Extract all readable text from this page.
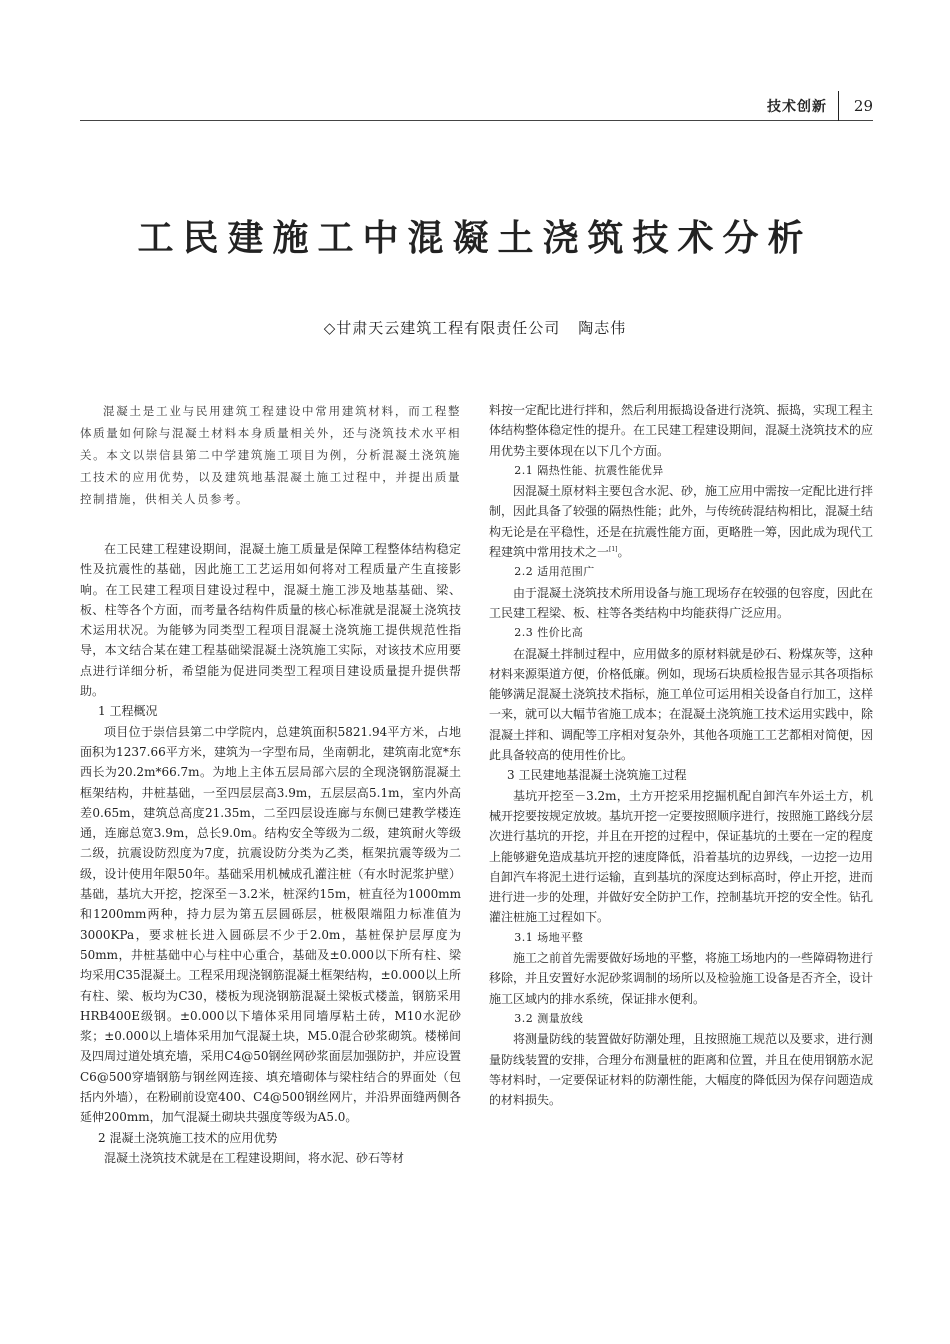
技术创新 29
工民建施工中混凝土浇筑技术分析
◇甘肃天云建筑工程有限责任公司 陶志伟

混凝土是工业与民用建筑工程建设中常用建筑材料，而工程整体质量如何除与混凝土材料本身质量相关外，还与浇筑技术水平相关。本文以崇信县第二中学建筑施工项目为例，分析混凝土浇筑施工技术的应用优势，以及建筑地基混凝土施工过程中，并提出质量控制措施，供相关人员参考。

在工民建工程建设期间，混凝土施工质量是保障工程整体结构稳定性及抗震性的基础，因此施工工艺运用如何将对工程质量产生直接影响。在工民建工程项目建设过程中，混凝土施工涉及地基基础、梁、板、柱等各个方面，而考量各结构件质量的核心标准就是混凝土浇筑技术运用状况。为能够为同类型工程项目混凝土浇筑施工提供规范性指导，本文结合某在建工程基础梁混凝土浇筑施工实际，对该技术应用要点进行详细分析，希望能为促进同类型工程项目建设质量提升提供帮助。

1 工程概况

项目位于崇信县第二中学院内，总建筑面积5821.94平方米，占地面积为1237.66平方米，建筑为一字型布局，坐南朝北，建筑南北宽*东西长为20.2m*66.7m。为地上主体五层局部六层的全现浇钢筋混凝土框架结构，井桩基础，一至四层层高3.9m，五层层高5.1m，室内外高差0.65m，建筑总高度21.35m，二至四层设连廊与东侧已建教学楼连通，连廊总宽3.9m，总长9.0m。结构安全等级为二级，建筑耐火等级二级，抗震设防烈度为7度，抗震设防分类为乙类，框架抗震等级为二级，设计使用年限50年。基础采用机械成孔灌注桩（有水时泥浆护壁）基础，基坑大开挖，挖深至－3.2米，桩深约15m，桩直径为1000mm和1200mm两种，持力层为第五层圆砾层，桩极限端阻力标准值为3000KPa，要求桩长进入圆砾层不少于2.0m，基桩保护层厚度为50mm，井桩基础中心与柱中心重合，基础及±0.000以下所有柱、梁均采用C35混凝土。工程采用现浇钢筋混凝土框架结构，±0.000以上所有柱、梁、板均为C30，楼板为现浇钢筋混凝土梁板式楼盖，钢筋采用HRB400E级钢。±0.000以下墙体采用同墙厚粘土砖，M10水泥砂浆；±0.000以上墙体采用加气混凝土块，M5.0混合砂浆砌筑。楼梯间及四周过道处填充墙，采用C4@50钢丝网砂浆面层加强防护，并应设置C6@500穿墙钢筋与钢丝网连接、填充墙砌体与梁柱结合的界面处（包括内外墙），在粉刷前设宽400、C4@500钢丝网片，并沿界面缝两侧各延伸200mm，加气混凝土砌块共强度等级为A5.0。

2 混凝土浇筑施工技术的应用优势

混凝土浇筑技术就是在工程建设期间，将水泥、砂石等材

料按一定配比进行拌和，然后利用振捣设备进行浇筑、振捣，实现工程主体结构整体稳定性的提升。在工民建工程建设期间，混凝土浇筑技术的应用优势主要体现在以下几个方面。

2.1 隔热性能、抗震性能优异

因混凝土原材料主要包含水泥、砂，施工应用中需按一定配比进行拌制，因此具备了较强的隔热性能；此外，与传统砖混结构相比，混凝土结构无论是在平稳性，还是在抗震性能方面，更略胜一筹，因此成为现代工程建筑中常用技术之一[1]。

2.2 适用范围广

由于混凝土浇筑技术所用设备与施工现场存在较强的包容度，因此在工民建工程梁、板、柱等各类结构中均能获得广泛应用。

2.3 性价比高

在混凝土拌制过程中，应用做多的原材料就是砂石、粉煤灰等，这种材料来源渠道方便，价格低廉。例如，现场石块质检报告显示其各项指标能够满足混凝土浇筑技术指标，施工单位可运用相关设备自行加工，这样一来，就可以大幅节省施工成本；在混凝土浇筑施工技术运用实践中，除混凝土拌和、调配等工序相对复杂外，其他各项施工工艺都相对简便，因此具备较高的使用性价比。

3 工民建地基混凝土浇筑施工过程

基坑开挖至－3.2m，土方开挖采用挖掘机配自卸汽车外运土方，机械开挖要按规定放坡。基坑开挖一定要按照顺序进行，按照施工路线分层次进行基坑的开挖，并且在开挖的过程中，保证基坑的土要在一定的程度上能够避免造成基坑开挖的速度降低，沿着基坑的边界线，一边挖一边用自卸汽车将泥土进行运输，直到基坑的深度达到标高时，停止开挖，进而进行进一步的处理，并做好安全防护工作，控制基坑开挖的安全性。钻孔灌注桩施工过程如下。

3.1 场地平整

施工之前首先需要做好场地的平整，将施工场地内的一些障碍物进行移除，并且安置好水泥砂浆调制的场所以及检验施工设备是否齐全，设计施工区域内的排水系统，保证排水便利。

3.2 测量放线

将测量防线的装置做好防潮处理，且按照施工规范以及要求，进行测量防线装置的安排，合理分布测量桩的距离和位置，并且在使用钢筋水泥等材料时，一定要保证材料的防潮性能，大幅度的降低因为保存问题造成的材料损失。
